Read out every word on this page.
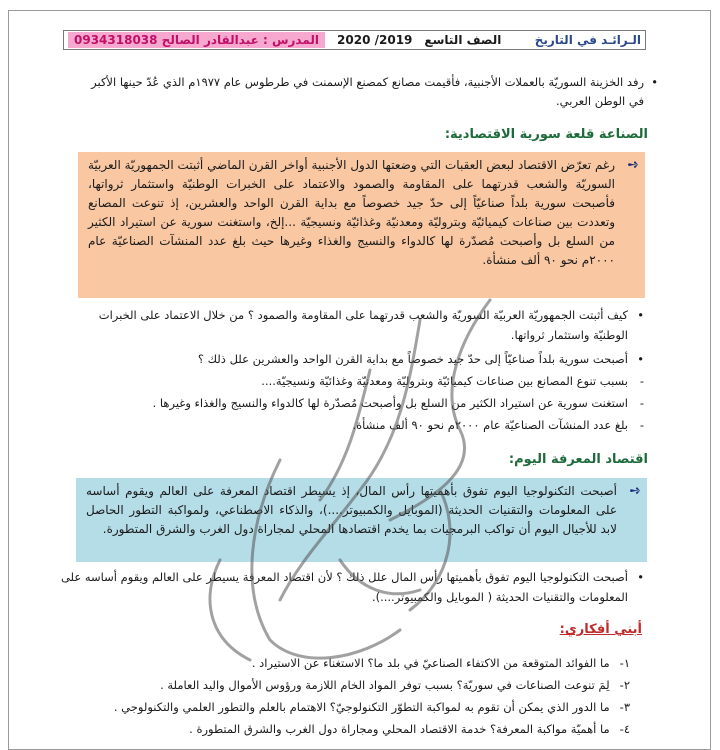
الـرائـد في التاريخ
الصف التاسع
2019/ 2020
المدرس : عبدالقادر الصالح 0934318038
• رفد الخزينة السوريّة بالعملات الأجنبية، فأقيمت مصانع كمصنع الإسمنت في طرطوس عام ١٩٧٧م الذي عُدّ حينها الأكبر
في الوطن العربي.
الصناعة قلعة سورية الاقتصادية:
➺
رغم تعرّض الاقتصاد لبعض العقبات التي وضعتها الدول الأجنبية أواخر القرن الماضي أثبتت الجمهوريّة العربيّة السوريّة والشعب قدرتهما على المقاومة والصمود والاعتماد على الخبرات الوطنيّة واستثمار ثرواتها، فأصبحت سورية بلداً صناعيّاً إلى حدّ جيد خصوصاً مع بداية القرن الواحد والعشرين، إذ تنوعت المصانع وتعددت بين صناعات كيميائيّة وبتروليّة ومعدنيّة وغذائيّة ونسيجيّة ...إلخ، واستغنت سورية عن استيراد الكثير من السلع بل وأصبحت مُصدّرة لها كالدواء والنسيج والغذاء وغيرها حيث بلغ عدد المنشآت الصناعيّة عام ٢٠٠٠م نحو ٩٠ ألف منشأة.
• كيف أثبتت الجمهوريّة العربيّة السوريّة والشعب قدرتهما على المقاومة والصمود ؟ من خلال الاعتماد على الخبرات
الوطنيّة واستثمار ثرواتها.
• أصبحت سورية بلداً صناعيّاً إلى حدّ جيد خصوصاً مع بداية القرن الواحد والعشرين علل ذلك ؟
- بسبب تنوع المصانع بين صناعات كيميائيّة وبتروليّة ومعدنيّة وغذائيّة ونسيجيّة....
- استغنت سورية عن استيراد الكثير من السلع بل وأصبحت مُصدّرة لها كالدواء والنسيج والغذاء وغيرها .
- بلغ عدد المنشآت الصناعيّة عام ٢٠٠٠م نحو ٩٠ ألف منشأة.
اقتصاد المعرفة اليوم:
➺
أصبحت التكنولوجيا اليوم تفوق بأهميتها رأس المال، إذ يسيطر اقتصاد المعرفة على العالم ويقوم أساسه على المعلومات والتقنيات الحديثة (الموبايل والكمبيوتر....)، والذكاء الاصطناعي، ولمواكبة التطور الحاصل لابد للأجيال اليوم أن تواكب البرمجيات بما يخدم اقتصادها المحلي لمجاراة دول الغرب والشرق المتطورة.
• أصبحت التكنولوجيا اليوم تفوق بأهميتها رأس المال علل ذلك ؟ لأن اقتصاد المعرفة يسيطر على العالم ويقوم أساسه على
المعلومات والتقنيات الحديثة ( الموبايل والكمبيوتر....).
أبني أفكاري:
١-ما الفوائد المتوقعة من الاكتفاء الصناعيّ في بلد ما؟ الاستغناء عن الاستيراد .
٢-لِمَ تنوعت الصناعات في سوريّة؟ بسبب توفر المواد الخام اللازمة ورؤوس الأموال واليد العاملة .
٣-ما الدور الذي يمكن أن تقوم به لمواكبة التطوّر التكنولوجيّ؟ الاهتمام بالعلم والتطور العلمي والتكنولوجي .
٤-ما أهميّة مواكبة المعرفة؟ خدمة الاقتصاد المحلي ومجاراة دول الغرب والشرق المتطورة .
